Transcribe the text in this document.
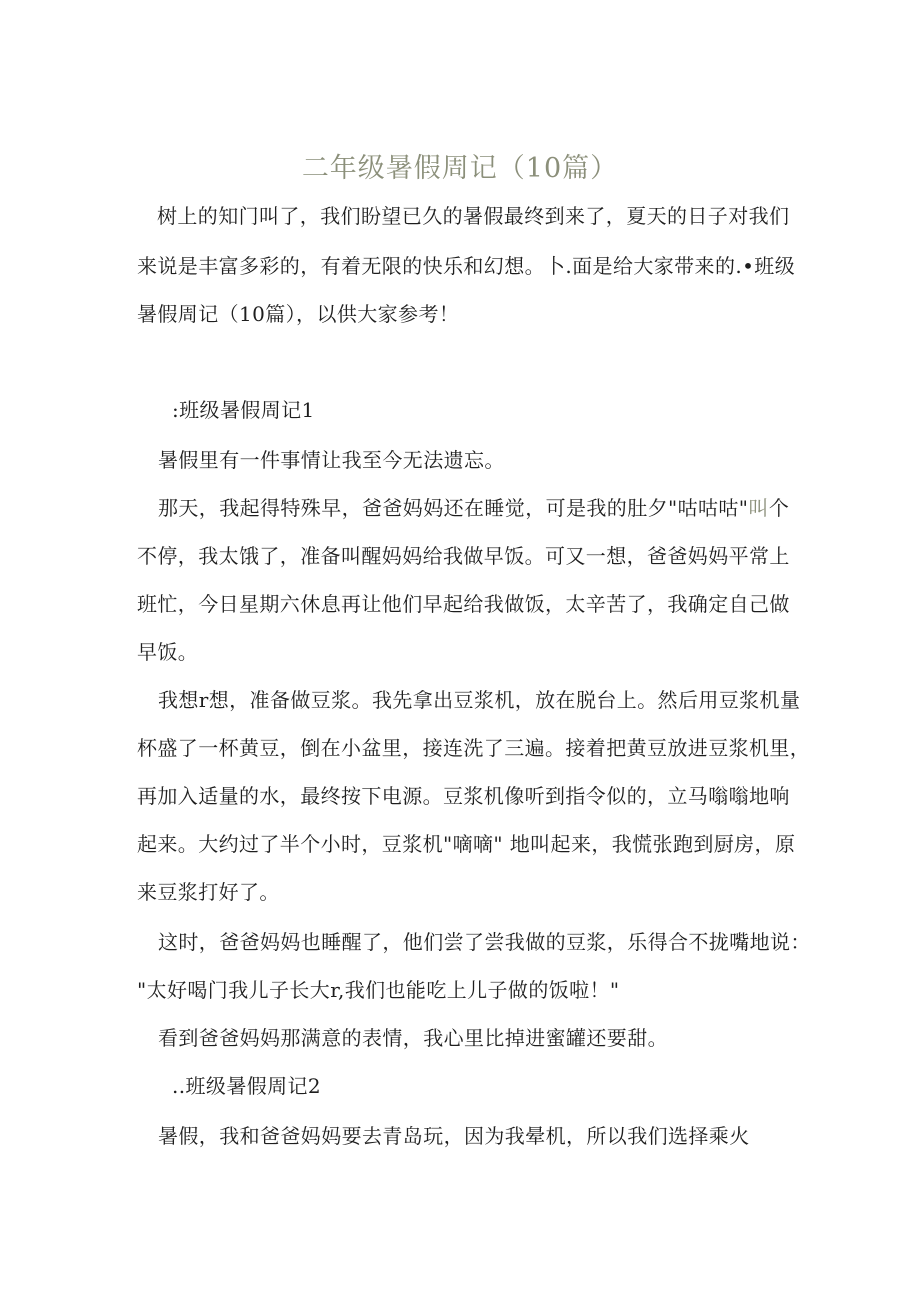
二年级暑假周记（10篇）

树上的知门叫了，我们盼望已久的暑假最终到来了，夏天的日子对我们

来说是丰富多彩的，有着无限的快乐和幻想。卜.面是给大家带来的.•班级

暑假周记（10篇），以供大家参考！

:班级暑假周记1

暑假里有一件事情让我至今无法遗忘。

那天，我起得特殊早，爸爸妈妈还在睡觉，可是我的肚夕"咕咕咕"叫个

不停，我太饿了，准备叫醒妈妈给我做早饭。可又一想，爸爸妈妈平常上

班忙，今日星期六休息再让他们早起给我做饭，太辛苦了，我确定自己做

早饭。

我想r想，准备做豆浆。我先拿出豆浆机，放在脱台上。然后用豆浆机量

杯盛了一杯黄豆，倒在小盆里，接连洗了三遍。接着把黄豆放进豆浆机里，

再加入适量的水，最终按下电源。豆浆机像听到指令似的，立马嗡嗡地响

起来。大约过了半个小时，豆浆机"嘀嘀" 地叫起来，我慌张跑到厨房，原

来豆浆打好了。

这时，爸爸妈妈也睡醒了，他们尝了尝我做的豆浆，乐得合不拢嘴地说：

"太好喝门我儿子长大r,我们也能吃上儿子做的饭啦！"

看到爸爸妈妈那满意的表情，我心里比掉进蜜罐还要甜。

..班级暑假周记2

暑假，我和爸爸妈妈要去青岛玩，因为我晕机，所以我们选择乘火
